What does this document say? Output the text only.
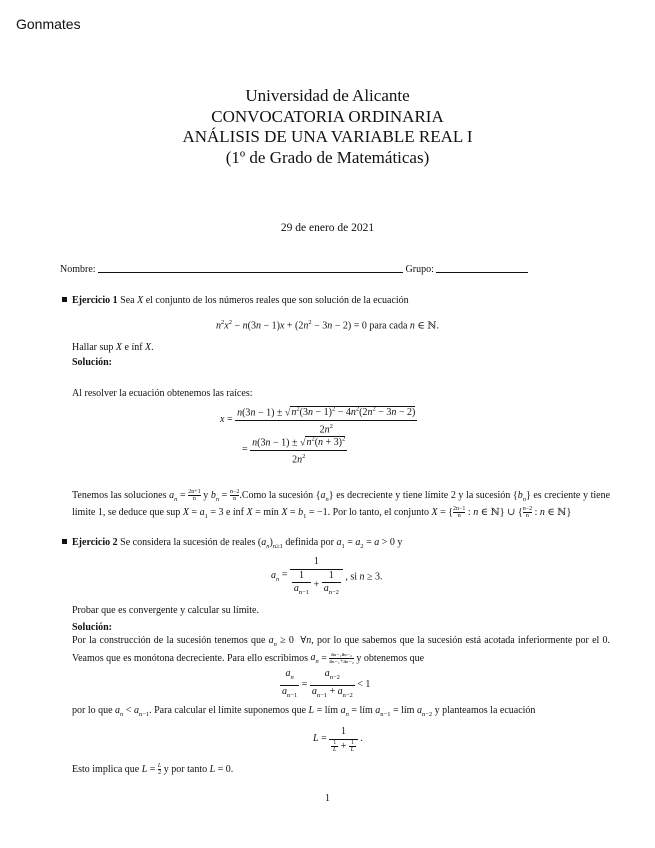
Gonmates
Universidad de Alicante
CONVOCATORIA ORDINARIA
ANÁLISIS DE UNA VARIABLE REAL I
(1º de Grado de Matemáticas)
29 de enero de 2021
Nombre:	Grupo:
Ejercicio 1 Sea X el conjunto de los números reales que son solución de la ecuación
$n^2x^2 - n(3n - 1)x + (2n^2 - 3n - 2) = 0$ para cada n ∈ ℕ.
Hallar sup X e ínf X.
Solución:
Al resolver la ecuación obtenemos las raíces:
$x = \frac{n(3n - 1) \pm √n^2(3n - 1)^2 - 4n^2(2n^2 - 3n - 2)}{2n^2}$
= $\frac{n(3n - 1) \pm √n^2(n + 3)^2}{2n^2}$
Tenemos las soluciones $a_n = \frac{2n+1}{n}$ y $b_n$ = $\frac{n-2}{n}.Como$ la sucesión $\{a_n\}$ es decreciente y tiene límite 2 y la sucesión $\{b_n\}$ es creciente y tiene límite 1, se deduce que sup $X = a_1 = 3$ e ínf X = mín $X = b_1 = -1$. Por lo tanto, el conjunto X = { $\frac{2n-1}{n}$ : n ∈ ℕ} ∪ { $\frac{n-2}{n}$ : n ∈ ℕ}
Ejercicio 2 Se considera la sucesión de reales $(a_n)_{n\ge 1}$ definida por $a_1 = a_2 = a > 0$ y
$a_n = \frac{1}{\frac{1}{a_{n-1}} + \frac{1}{a_{n-2}}}$ , si n ≥ 3.
Probar que es convergente y calcular su límite.
Solución:
Por la construcción de la sucesión tenemos que $a_n \ge 0$  ∀n, por lo que sabemos que la sucesión está acotada inferiormente por el 0. Veamos que es monótona decreciente. Para ello escribimos $a_n = \frac{\text{aₙ₋₁aₙ₋₂}}{\text{aₙ₋₁+aₙ₋₂}}$ y obtenemos que
$\frac{a_n}{a_{n-1}} = \frac{a_{n-2}}{a_{n-1} + a_{n-2}} < 1$
por lo que $a_n < a_{n-1}$. Para calcular el límite suponemos que L = lím $a_n$ = lím $a_{n-1}$ = lím $a_{n-2}$ y planteamos la ecuación
$L = \frac{1}{\frac{1}{L} + \frac{1}{L}}$ .
Esto implica que $L = \frac{L}{2}$ y por tanto L = 0.
1
